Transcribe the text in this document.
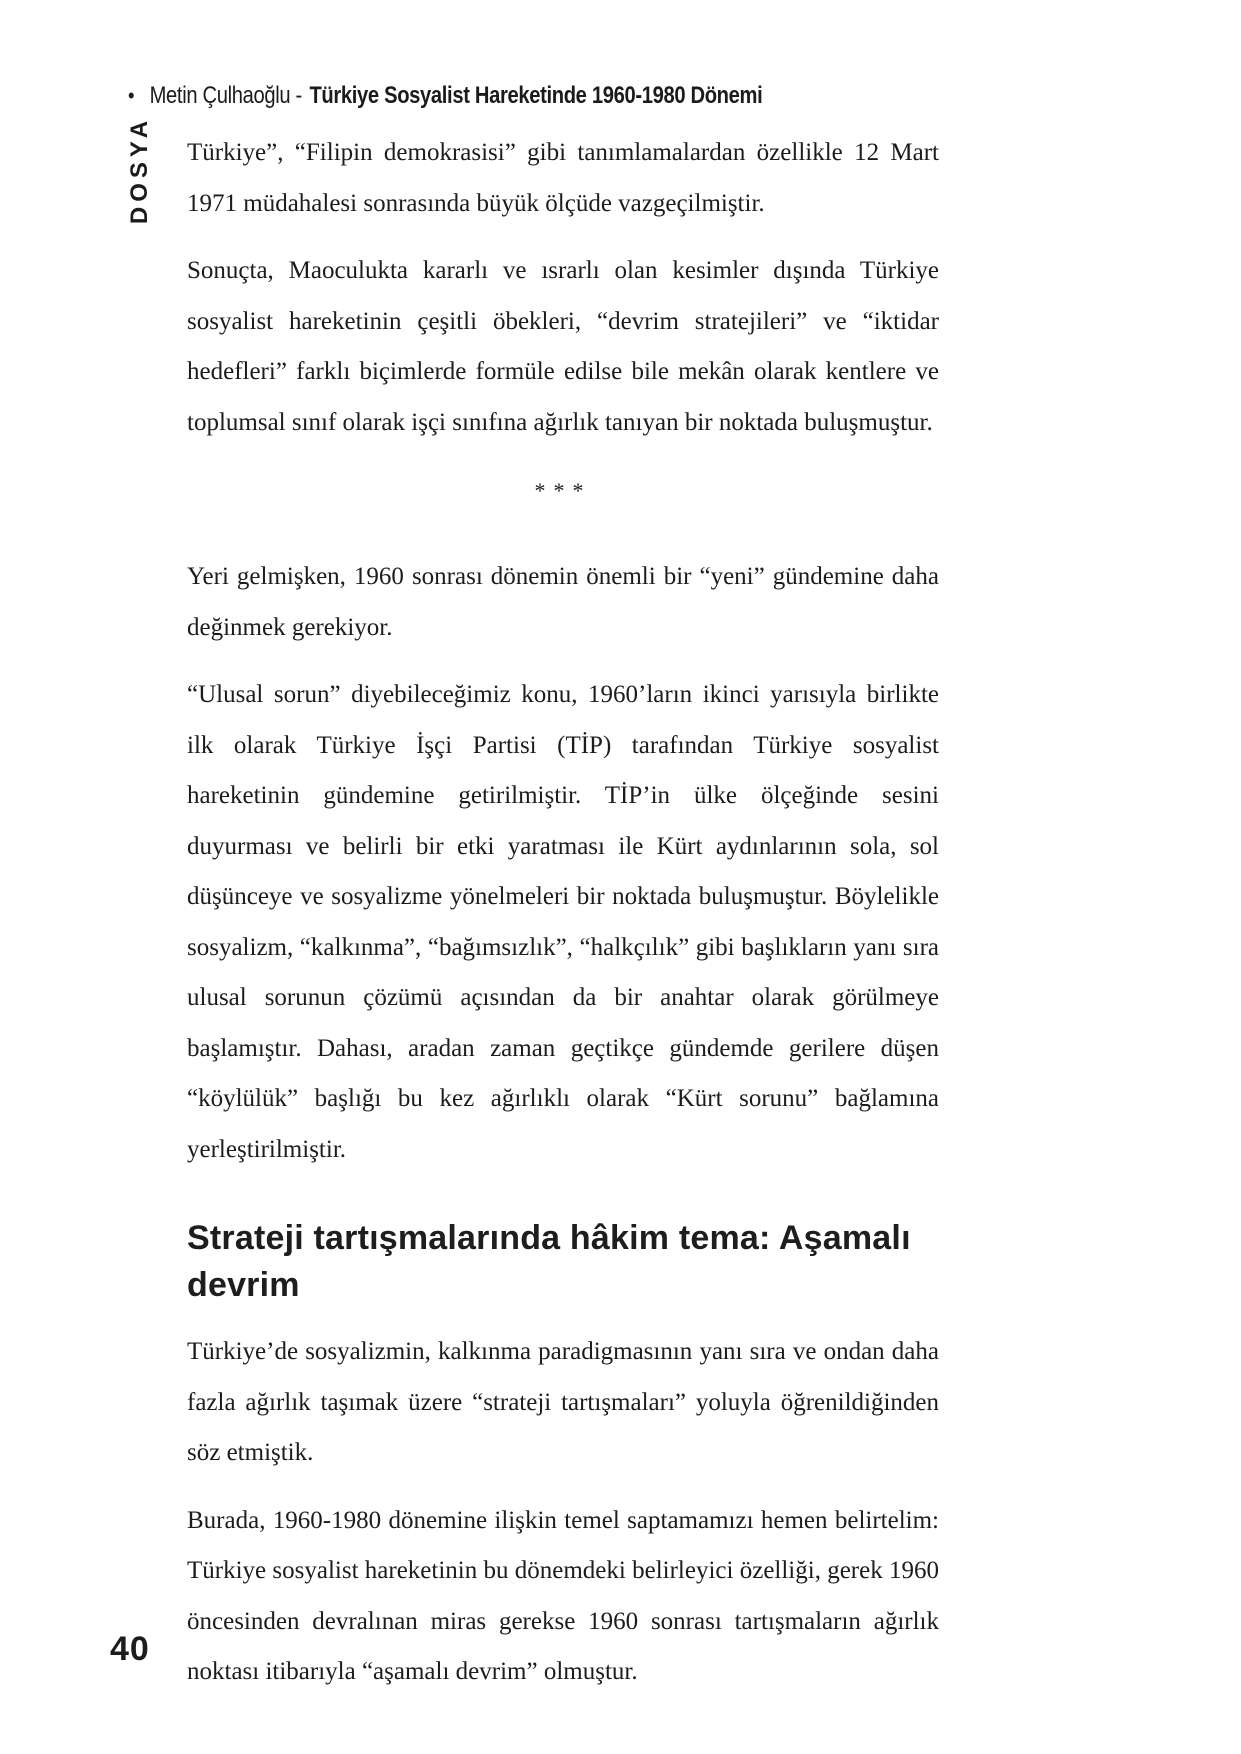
• Metin Çulhaoğlu - Türkiye Sosyalist Hareketinde 1960-1980 Dönemi
DOSYA Türkiye”, “Filipin demokrasisi” gibi tanımlamalardan özellikle 12 Mart 1971 müdahalesi sonrasında büyük ölçüde vazgeçilmiştir.

Sonuçta, Maoculukta kararlı ve ısrarlı olan kesimler dışında Türkiye sosyalist hareketinin çeşitli öbekleri, “devrim stratejileri” ve “iktidar hedefleri” farklı biçimlerde formüle edilse bile mekân olarak kentlere ve toplumsal sınıf olarak işçi sınıfına ağırlık tanıyan bir noktada buluşmuştur.

***

Yeri gelmişken, 1960 sonrası dönemin önemli bir “yeni” gündemine daha değinmek gerekiyor.

“Ulusal sorun” diyebileceğimiz konu, 1960’ların ikinci yarısıyla birlikte ilk olarak Türkiye İşçi Partisi (TİP) tarafından Türkiye sosyalist hareketinin gündemine getirilmiştir. TİP’in ülke ölçeğinde sesini duyurması ve belirli bir etki yaratması ile Kürt aydınlarının sola, sol düşünceye ve sosyalizme yönelmeleri bir noktada buluşmuştur. Böylelikle sosyalizm, “kalkınma”, “bağımsızlık”, “halkçılık” gibi başlıkların yanı sıra ulusal sorunun çözümü açısından da bir anahtar olarak görülmeye başlamıştır. Dahası, aradan zaman geçtikçe gündemde gerilere düşen “köylülük” başlığı bu kez ağırlıklı olarak “Kürt sorunu” bağlamına yerleştirilmiştir.

Strateji tartışmalarında hâkim tema: Aşamalı devrim

Türkiye’de sosyalizmin, kalkınma paradigmasının yanı sıra ve ondan daha fazla ağırlık taşımak üzere “strateji tartışmaları” yoluyla öğrenildiğinden söz etmiştik.

Burada, 1960-1980 dönemine ilişkin temel saptamamızı hemen belirtelim: Türkiye sosyalist hareketinin bu dönemdeki belirleyici özelliği, gerek 1960 öncesinden devralınan miras gerekse 1960 sonrası tartışmaların ağırlık noktası itibarıyla “aşamalı devrim” olmuştur.

40
